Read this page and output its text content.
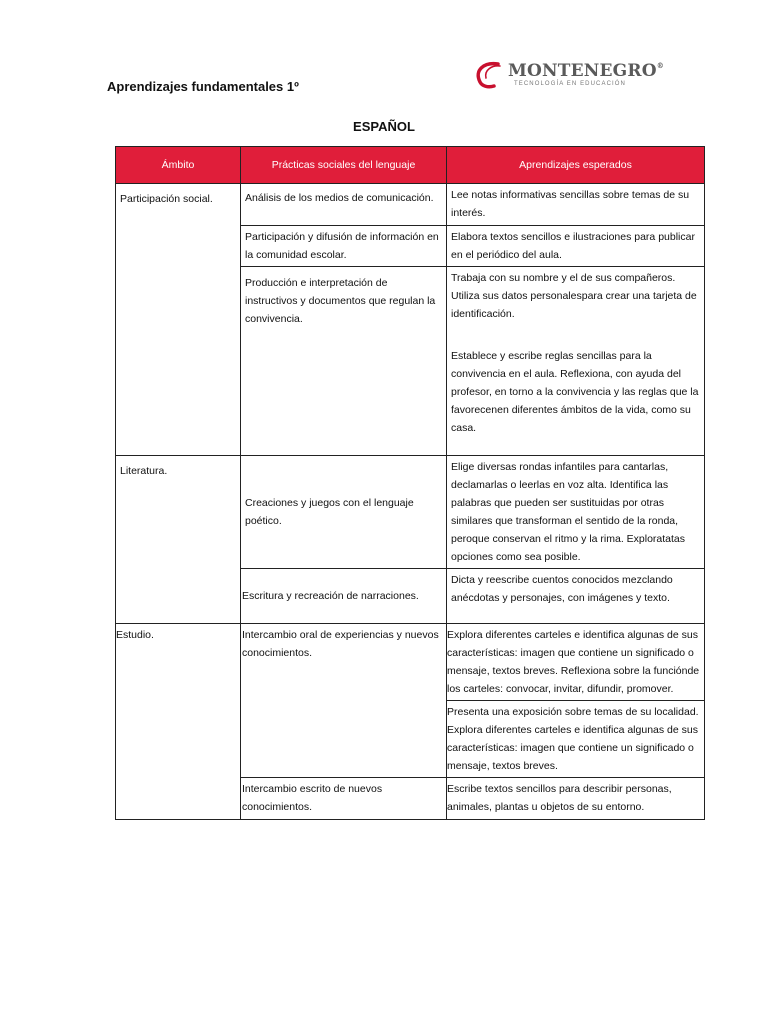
Aprendizajes fundamentales 1º
MONTENEGRO®
TECNOLOGÍA EN EDUCACIÓN
ESPAÑOL
Ámbito	Prácticas sociales del lenguaje	Aprendizajes esperados
Participación social.	Análisis de los medios de comunicación.	Lee notas informativas sencillas sobre temas de su interés.
	Participación y difusión de información en la comunidad escolar.	Elabora textos sencillos e ilustraciones para publicar en el periódico del aula.
	Producción e interpretación de instructivos y documentos que regulan la convivencia.	Trabaja con su nombre y el de sus compañeros. Utiliza sus datos personalespara crear una tarjeta de identificación.

		Establece y escribe reglas sencillas para la convivencia en el aula. Reflexiona, con ayuda del profesor, en torno a la convivencia y las reglas que la favorecenen diferentes ámbitos de la vida, como su casa.
Literatura.	Creaciones y juegos con el lenguaje poético.	Elige diversas rondas infantiles para cantarlas, declamarlas o leerlas en voz alta. Identifica las palabras que pueden ser sustituidas por otras similares que transforman el sentido de la ronda, peroque conservan el ritmo y la rima. Exploratatas opciones como sea posible.
	Escritura y recreación de narraciones.	Dicta y reescribe cuentos conocidos mezclando anécdotas y personajes, con imágenes y texto.
Estudio.	Intercambio oral de experiencias y nuevos conocimientos.	Explora diferentes carteles e identifica algunas de sus características: imagen que contiene un significado o mensaje, textos breves. Reflexiona sobre la funciónde los carteles: convocar, invitar, difundir, promover.
		Presenta una exposición sobre temas de su localidad. Explora diferentes carteles e identifica algunas de sus características: imagen que contiene un significado o mensaje, textos breves.
	Intercambio escrito de nuevos conocimientos.	Escribe textos sencillos para describir personas, animales, plantas u objetos de su entorno.
